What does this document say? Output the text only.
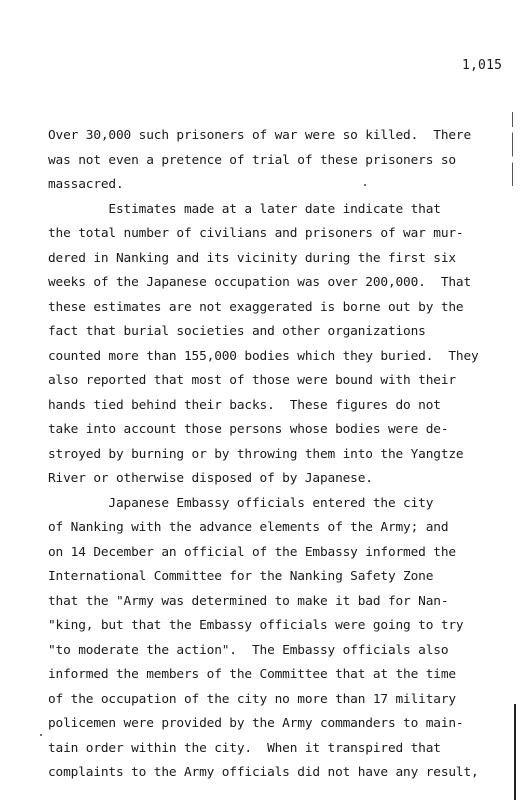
1,015
Over 30,000 such prisoners of war were so killed.  There
was not even a pretence of trial of these prisoners so
massacred.
Estimates made at a later date indicate that
the total number of civilians and prisoners of war mur-
dered in Nanking and its vicinity during the first six
weeks of the Japanese occupation was over 200,000.  That
these estimates are not exaggerated is borne out by the
fact that burial societies and other organizations
counted more than 155,000 bodies which they buried.  They
also reported that most of those were bound with their
hands tied behind their backs.  These figures do not
take into account those persons whose bodies were de-
stroyed by burning or by throwing them into the Yangtze
River or otherwise disposed of by Japanese.
Japanese Embassy officials entered the city
of Nanking with the advance elements of the Army; and
on 14 December an official of the Embassy informed the
International Committee for the Nanking Safety Zone
that the "Army was determined to make it bad for Nan-
"king, but that the Embassy officials were going to try
"to moderate the action".  The Embassy officials also
informed the members of the Committee that at the time
of the occupation of the city no more than 17 military
policemen were provided by the Army commanders to main-
tain order within the city.  When it transpired that
complaints to the Army officials did not have any result,
